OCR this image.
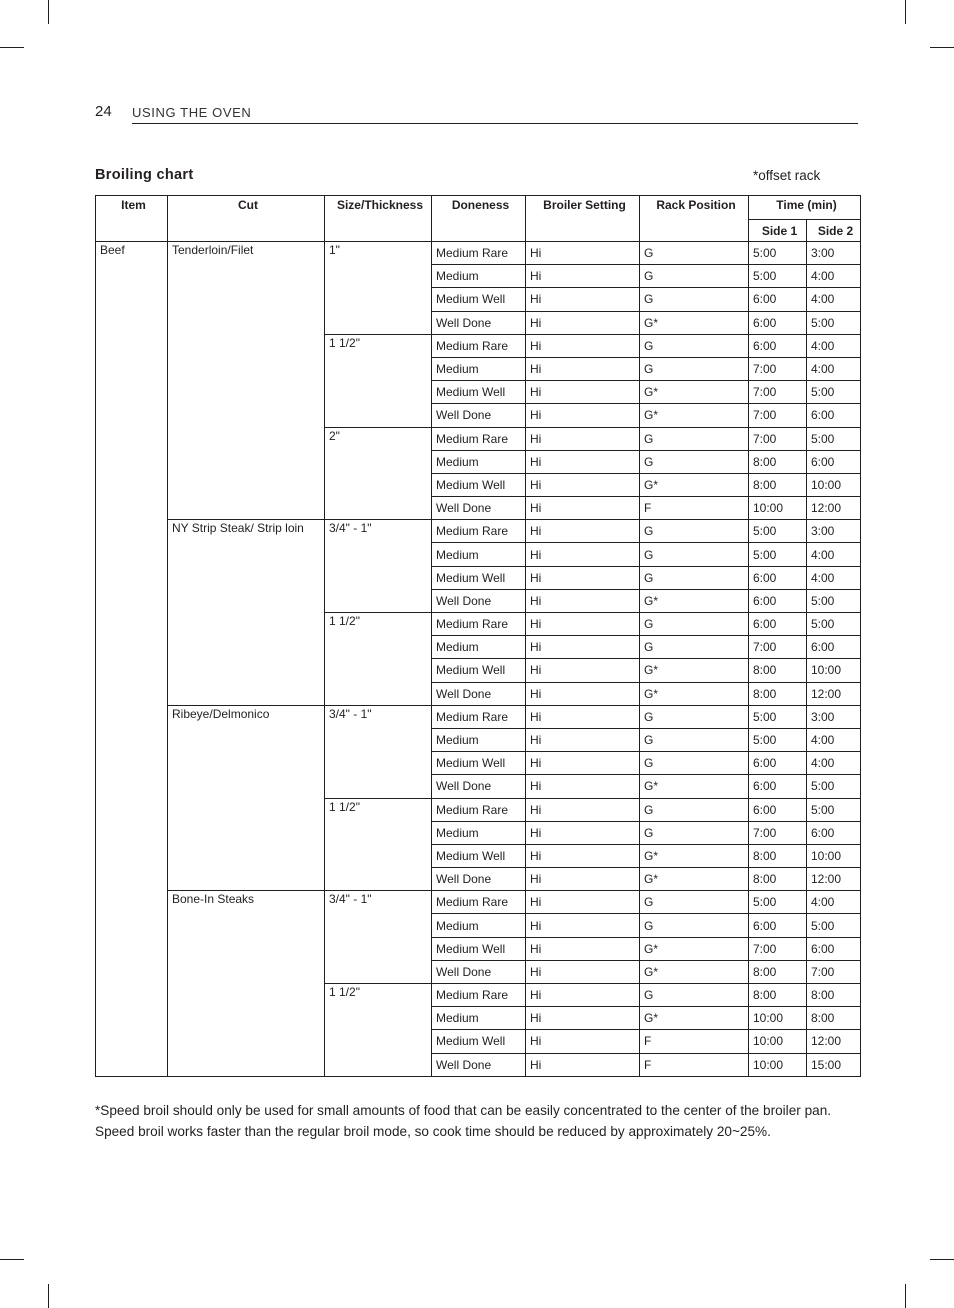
24 USING THE OVEN
Broiling chart	*offset rack
Item	Cut	Size/Thickness	Doneness	Broiler Setting	Rack Position	Time (min)	
						Side 1	Side 2
Beef	Tenderloin/Filet	1"	Medium Rare	Hi	G	5:00	3:00
			Medium	Hi	G	5:00	4:00
			Medium Well	Hi	G	6:00	4:00
			Well Done	Hi	G*	6:00	5:00
		1 1/2"	Medium Rare	Hi	G	6:00	4:00
			Medium	Hi	G	7:00	4:00
			Medium Well	Hi	G*	7:00	5:00
			Well Done	Hi	G*	7:00	6:00
		2"	Medium Rare	Hi	G	7:00	5:00
			Medium	Hi	G	8:00	6:00
			Medium Well	Hi	G*	8:00	10:00
			Well Done	Hi	F	10:00	12:00
	NY Strip Steak/ Strip loin	3/4" - 1"	Medium Rare	Hi	G	5:00	3:00
			Medium	Hi	G	5:00	4:00
			Medium Well	Hi	G	6:00	4:00
			Well Done	Hi	G*	6:00	5:00
		1 1/2"	Medium Rare	Hi	G	6:00	5:00
			Medium	Hi	G	7:00	6:00
			Medium Well	Hi	G*	8:00	10:00
			Well Done	Hi	G*	8:00	12:00
	Ribeye/Delmonico	3/4" - 1"	Medium Rare	Hi	G	5:00	3:00
			Medium	Hi	G	5:00	4:00
			Medium Well	Hi	G	6:00	4:00
			Well Done	Hi	G*	6:00	5:00
		1 1/2"	Medium Rare	Hi	G	6:00	5:00
			Medium	Hi	G	7:00	6:00
			Medium Well	Hi	G*	8:00	10:00
			Well Done	Hi	G*	8:00	12:00
	Bone-In Steaks	3/4" - 1"	Medium Rare	Hi	G	5:00	4:00
			Medium	Hi	G	6:00	5:00
			Medium Well	Hi	G*	7:00	6:00
			Well Done	Hi	G*	8:00	7:00
		1 1/2"	Medium Rare	Hi	G	8:00	8:00
			Medium	Hi	G*	10:00	8:00
			Medium Well	Hi	F	10:00	12:00
			Well Done	Hi	F	10:00	15:00
*Speed broil should only be used for small amounts of food that can be easily concentrated to the center of the broiler pan.
Speed broil works faster than the regular broil mode, so cook time should be reduced by approximately 20~25%.
